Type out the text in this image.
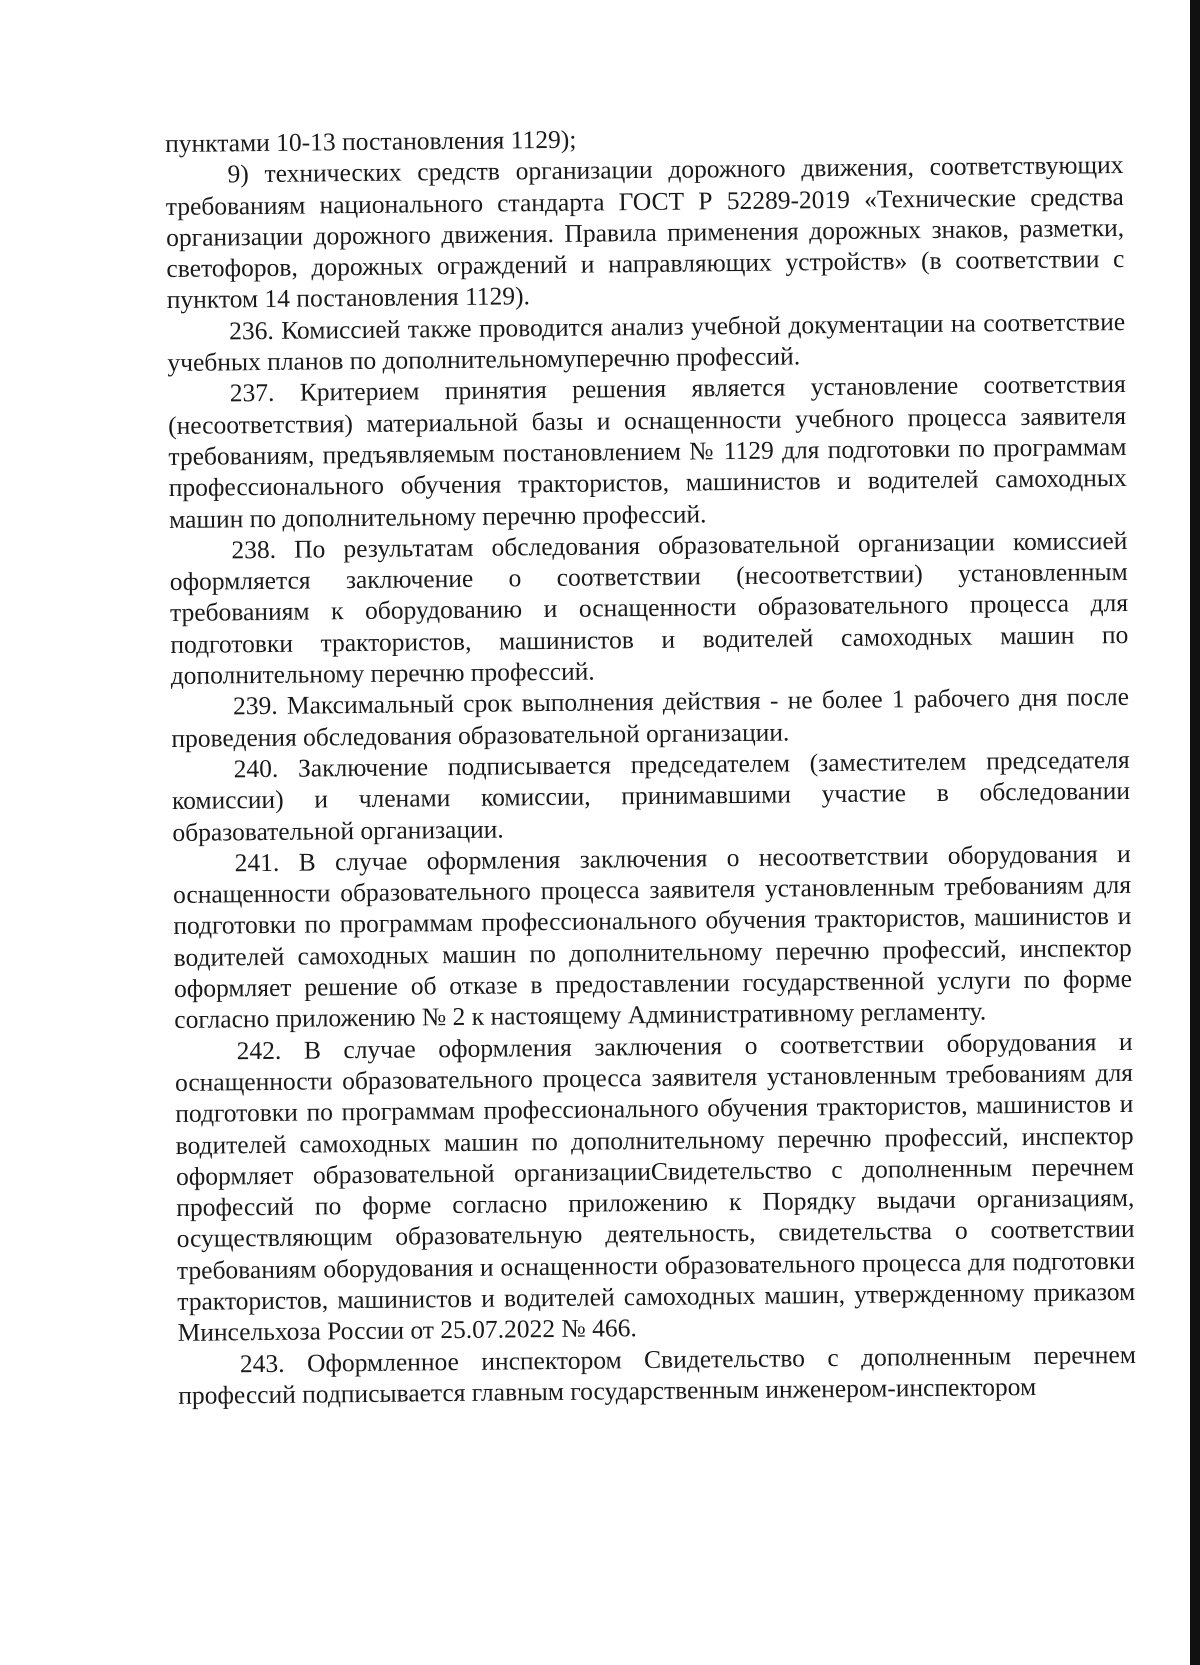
пунктами 10-13 постановления 1129);

9) технических средств организации дорожного движения, соответствующих требованиям национального стандарта ГОСТ Р 52289-2019 «Технические средства организации дорожного движения. Правила применения дорожных знаков, разметки, светофоров, дорожных ограждений и направляющих устройств» (в соответствии с пунктом 14 постановления 1129).

236. Комиссией также проводится анализ учебной документации на соответствие учебных планов по дополнительномуперечню профессий.

237. Критерием принятия решения является установление соответствия (несоответствия) материальной базы и оснащенности учебного процесса заявителя требованиям, предъявляемым постановлением № 1129 для подготовки по программам профессионального обучения трактористов, машинистов и водителей самоходных машин по дополнительному перечню профессий.

238. По результатам обследования образовательной организации комиссией оформляется заключение о соответствии (несоответствии) установленным требованиям к оборудованию и оснащенности образовательного процесса для подготовки трактористов, машинистов и водителей самоходных машин по дополнительному перечню профессий.

239. Максимальный срок выполнения действия - не более 1 рабочего дня после проведения обследования образовательной организации.

240. Заключение подписывается председателем (заместителем председателя комиссии) и членами комиссии, принимавшими участие в обследовании образовательной организации.

241. В случае оформления заключения о несоответствии оборудования и оснащенности образовательного процесса заявителя установленным требованиям для подготовки по программам профессионального обучения трактористов, машинистов и водителей самоходных машин по дополнительному перечню профессий, инспектор оформляет решение об отказе в предоставлении государственной услуги по форме согласно приложению № 2 к настоящему Административному регламенту.

242. В случае оформления заключения о соответствии оборудования и оснащенности образовательного процесса заявителя установленным требованиям для подготовки по программам профессионального обучения трактористов, машинистов и водителей самоходных машин по дополнительному перечню профессий, инспектор оформляет образовательной организацииСвидетельство с дополненным перечнем профессий по форме согласно приложению к Порядку выдачи организациям, осуществляющим образовательную деятельность, свидетельства о соответствии требованиям оборудования и оснащенности образовательного процесса для подготовки трактористов, машинистов и водителей самоходных машин, утвержденному приказом Минсельхоза России от 25.07.2022 № 466.

243. Оформленное инспектором Свидетельство с дополненным перечнем профессий подписывается главным государственным инженером-инспектором
